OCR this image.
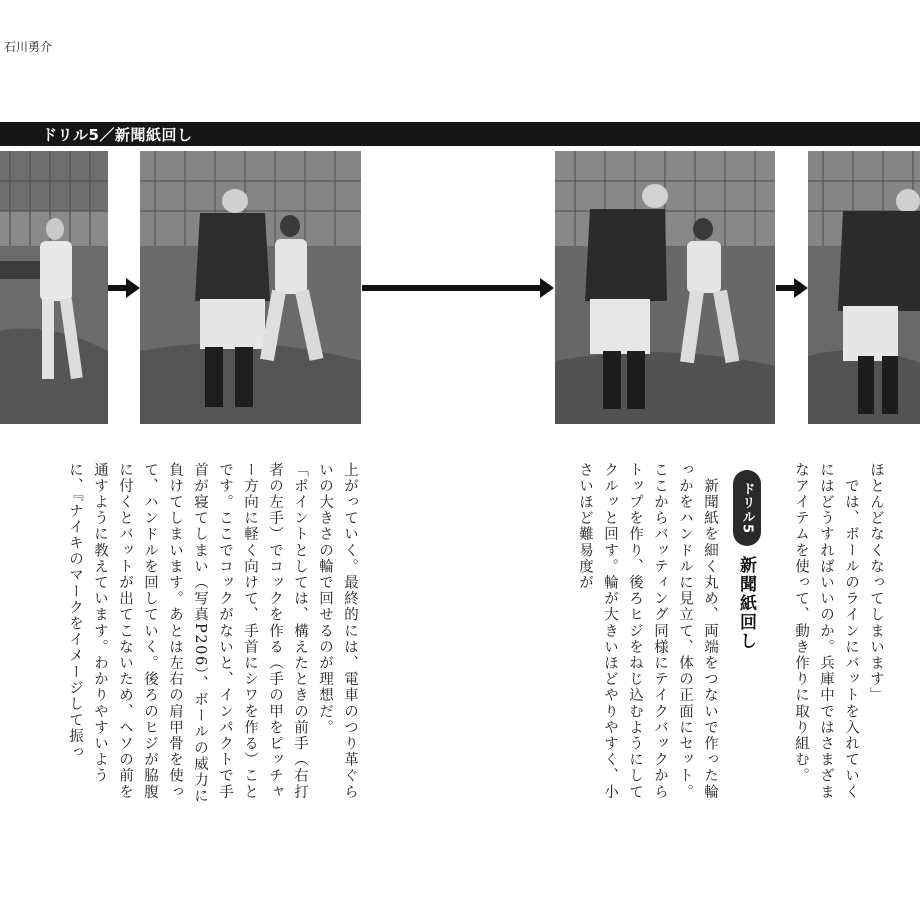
石川勇介
ドリル5／新聞紙回し

ほとんどなくなってしまいます」
　では、ボールのラインにバットを入れていくにはどうすればいいのか。兵庫中ではさまざまなアイテムを使って、動き作りに取り組む。

ドリル5
新聞紙回し

　新聞紙を細く丸め、両端をつないで作った輪っかをハンドルに見立て、体の正面にセット。ここからバッティング同様にテイクバックからトップを作り、後ろヒジをねじ込むようにしてクルッと回す。輪が大きいほどやりやすく、小さいほど難易度が

上がっていく。最終的には、電車のつり革ぐらいの大きさの輪で回せるのが理想だ。
「ポイントとしては、構えたときの前手（右打者の左手）でコックを作る（手の甲をピッチャー方向に軽く向けて、手首にシワを作る）ことです。ここでコックがないと、インパクトで手首が寝てしまい（写真P206）、ボールの威力に負けてしまいます。あとは左右の肩甲骨を使って、ハンドルを回していく。後ろのヒジが脇腹に付くとバットが出てこないため、ヘソの前を通すように教えています。わかりやすいように、『ナイキのマークをイメージして振っ
